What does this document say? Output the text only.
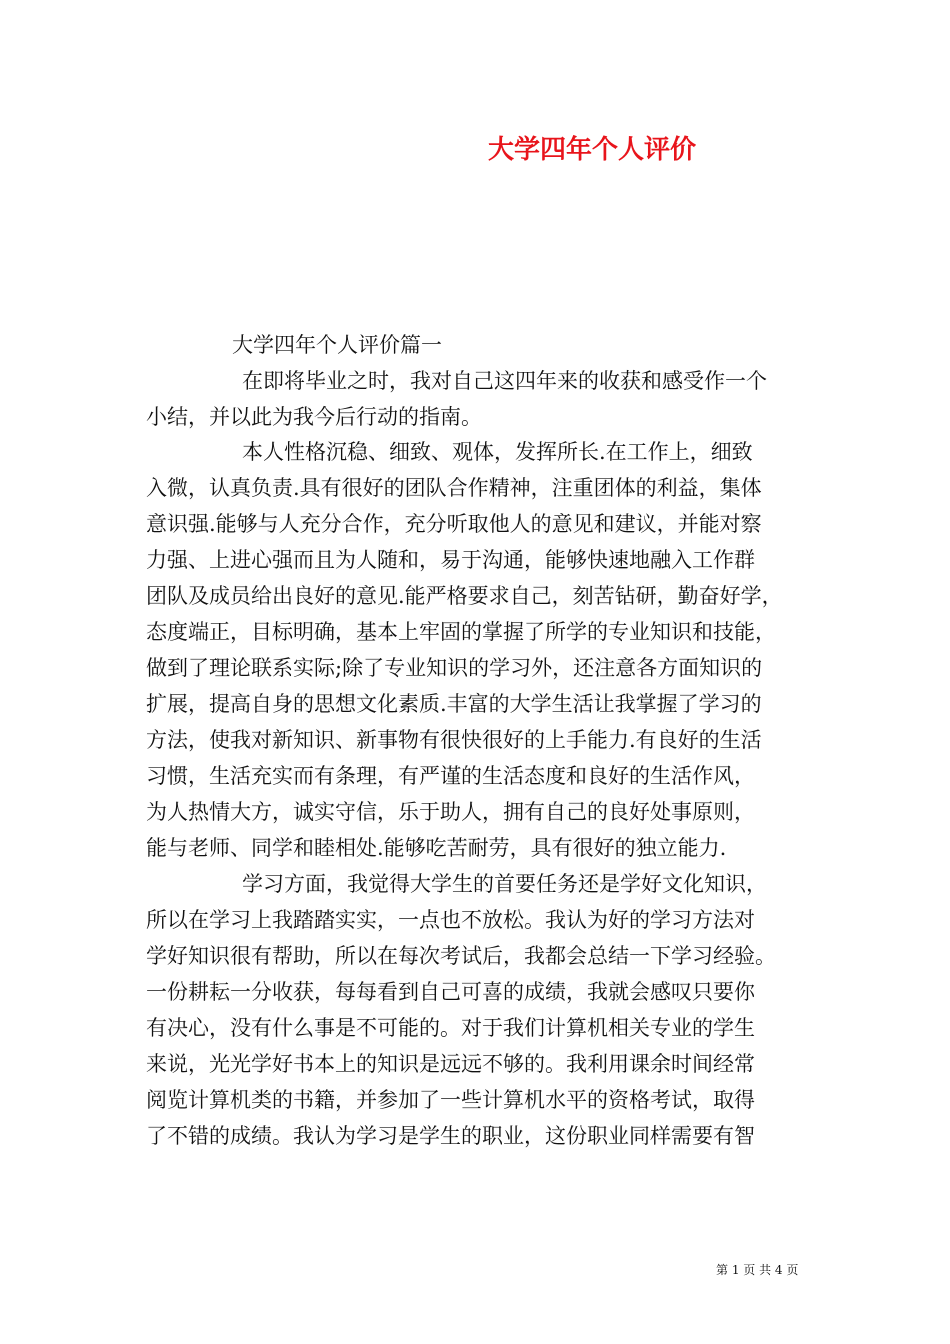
大学四年个人评价
大学四年个人评价篇一
在即将毕业之时，我对自己这四年来的收获和感受作一个
小结，并以此为我今后行动的指南。
本人性格沉稳、细致、观体，发挥所长.在工作上，细致
入微，认真负责.具有很好的团队合作精神，注重团体的利益，集体
意识强.能够与人充分合作，充分听取他人的意见和建议，并能对察
力强、上进心强而且为人随和，易于沟通，能够快速地融入工作群
团队及成员给出良好的意见.能严格要求自己，刻苦钻研，勤奋好学，
态度端正，目标明确，基本上牢固的掌握了所学的专业知识和技能，
做到了理论联系实际;除了专业知识的学习外，还注意各方面知识的
扩展，提高自身的思想文化素质.丰富的大学生活让我掌握了学习的
方法，使我对新知识、新事物有很快很好的上手能力.有良好的生活
习惯，生活充实而有条理，有严谨的生活态度和良好的生活作风，
为人热情大方，诚实守信，乐于助人，拥有自己的良好处事原则，
能与老师、同学和睦相处.能够吃苦耐劳，具有很好的独立能力.
学习方面，我觉得大学生的首要任务还是学好文化知识，
所以在学习上我踏踏实实，一点也不放松。我认为好的学习方法对
学好知识很有帮助，所以在每次考试后，我都会总结一下学习经验。
一份耕耘一分收获，每每看到自己可喜的成绩，我就会感叹只要你
有决心，没有什么事是不可能的。对于我们计算机相关专业的学生
来说，光光学好书本上的知识是远远不够的。我利用课余时间经常
阅览计算机类的书籍，并参加了一些计算机水平的资格考试，取得
了不错的成绩。我认为学习是学生的职业，这份职业同样需要有智
第 1 页 共 4 页
